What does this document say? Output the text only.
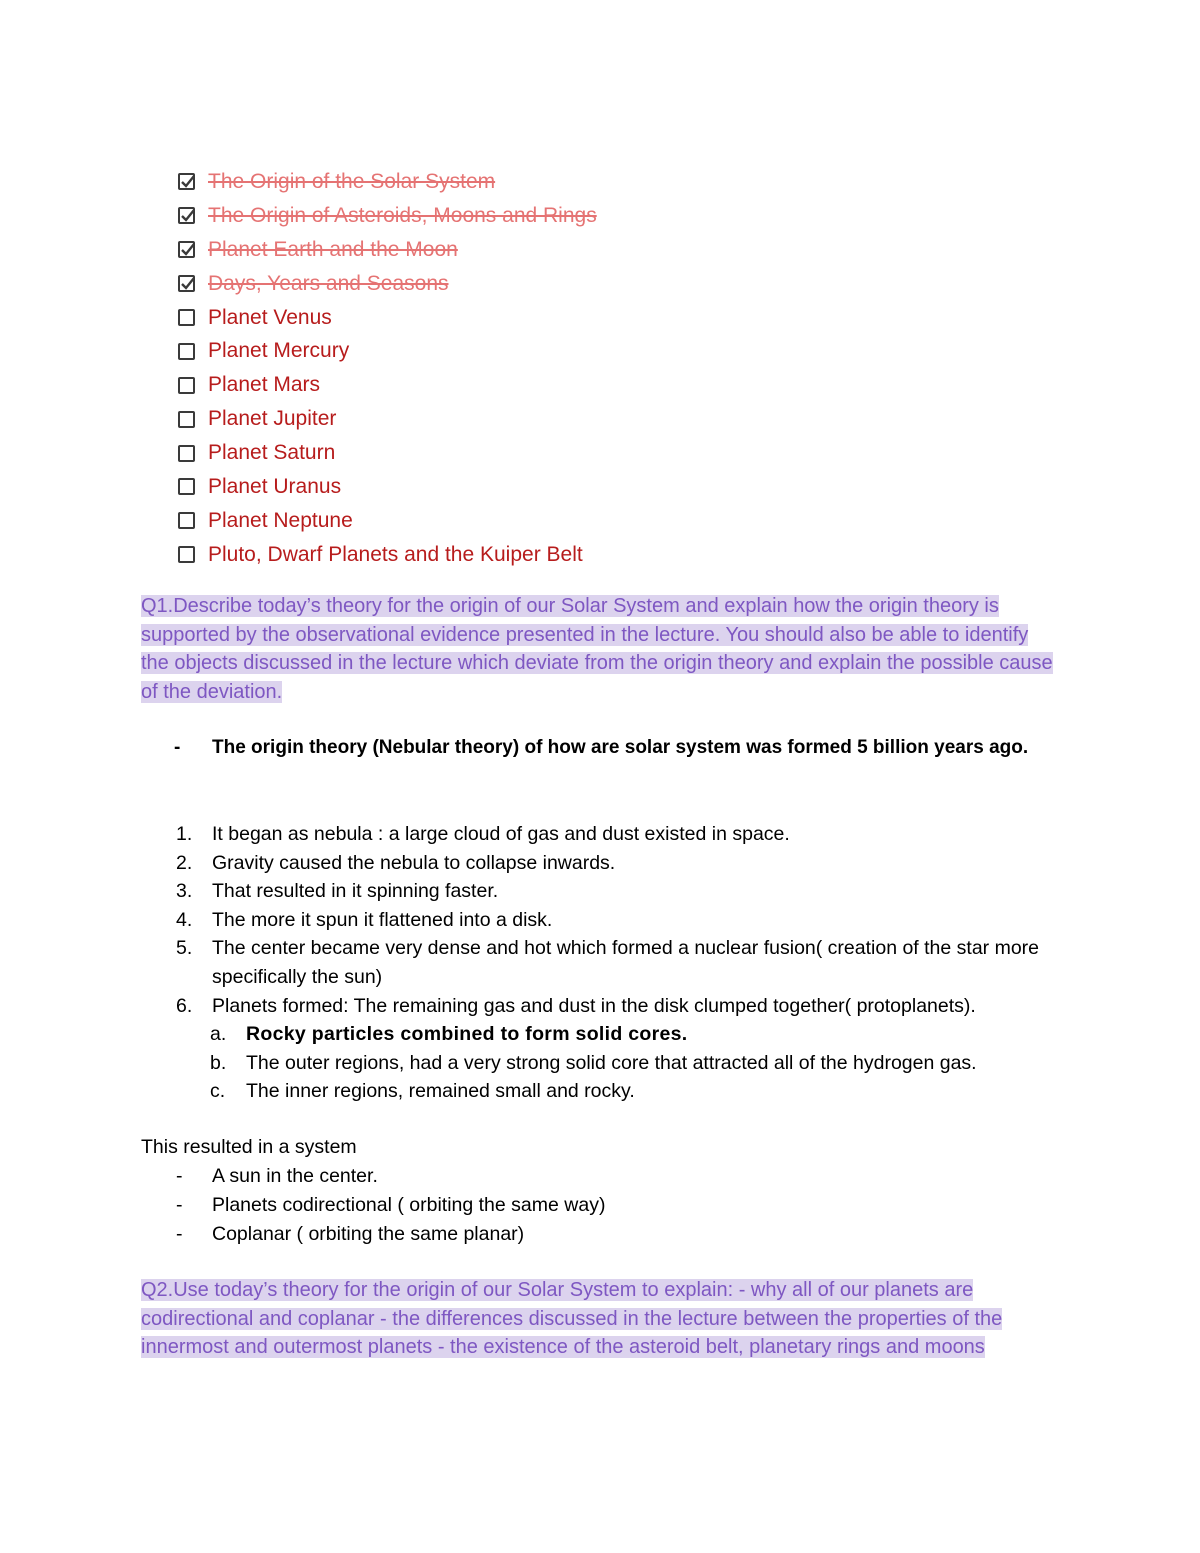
The Origin of the Solar System
The Origin of Asteroids, Moons and Rings
Planet Earth and the Moon
Days, Years and Seasons
Planet Venus
Planet Mercury
Planet Mars
Planet Jupiter
Planet Saturn
Planet Uranus
Planet Neptune
Pluto, Dwarf Planets and the Kuiper Belt

Q1.Describe today’s theory for the origin of our Solar System and explain how the origin theory is supported by the observational evidence presented in the lecture. You should also be able to identify the objects discussed in the lecture which deviate from the origin theory and explain the possible cause of the deviation.

-	The origin theory (Nebular theory) of how are solar system was formed 5 billion years ago.
1.	It began as nebula : a large cloud of gas and dust existed in space.
2.	Gravity caused the nebula to collapse inwards.
3.	That resulted in it spinning faster.
4.	The more it spun it flattened into a disk.
5.	The center became very dense and hot which formed a nuclear fusion( creation of the star more specifically the sun)
6.	Planets formed: The remaining gas and dust in the disk clumped together( protoplanets).
a.	Rocky particles combined to form solid cores.
b.	The outer regions, had a very strong solid core that attracted all of the hydrogen gas.
c.	The inner regions, remained small and rocky.

This resulted in a system

-	A sun in the center.
-	Planets codirectional ( orbiting the same way)
-	Coplanar ( orbiting the same planar)

Q2.Use today’s theory for the origin of our Solar System to explain: - why all of our planets are codirectional and coplanar - the differences discussed in the lecture between the properties of the innermost and outermost planets - the existence of the asteroid belt, planetary rings and moons
